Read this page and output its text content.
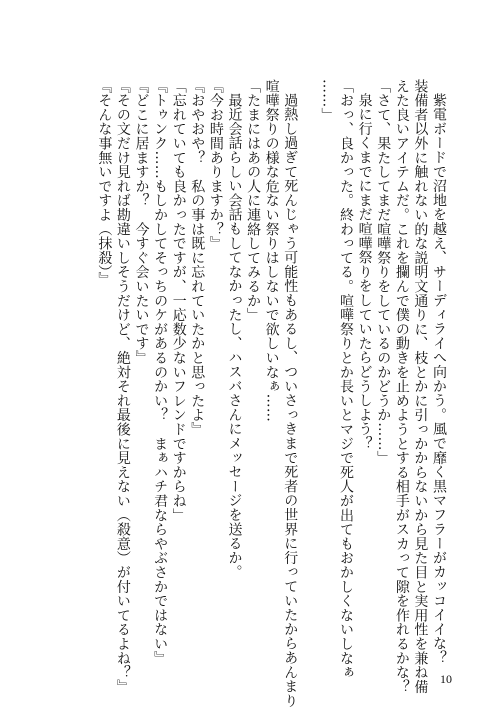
紫電ボードで沼地を越え、サーディライへ向かう。風で靡く黒マフラーがカッコイイな？
装備者以外に触れない的な説明文通りに、枝とかに引っかからないから見た目と実用性を兼ね備
えた良いアイテムだ。これを攔んで僕の動きを止めようとする相手がスカって隙を作れるかな？
「さて、果たしてまだ喧嘩祭りをしているのかどうか……」
泉に行くまでにまだ喧嘩祭りをしていたらどうしよう？
「おっ、良かった。終わってる。喧嘩祭りとか長いとマジで死人が出てもおかしくないしなぁ
……」
過熱し過ぎて死んじゃう可能性もあるし、ついさっきまで死者の世界に行っていたからあんまり
喧嘩祭りの様な危ない祭りはしないで欲しいなぁ……
「たまにはあの人に連絡してみるか」
最近会話らしい会話もしてなかったし、ハスバさんにメッセージを送るか。
『今お時間ありますか？』
『おやおや？　私の事は既に忘れていたかと思ったよ』
「忘れていても良かったですが、一応数少ないフレンドですからね」
『トゥンク……もしかしてそっちのケがあるのかい？　まぁハチ君ならやぶさかではない』
『どこに居ますか？　今すぐ会いたいです』
『その文だけ見れば勘違いしそうだけど、絶対それ最後に見えない（殺意）が付いてるよね？』
『そんな事無いですよ（抹殺）』
10
